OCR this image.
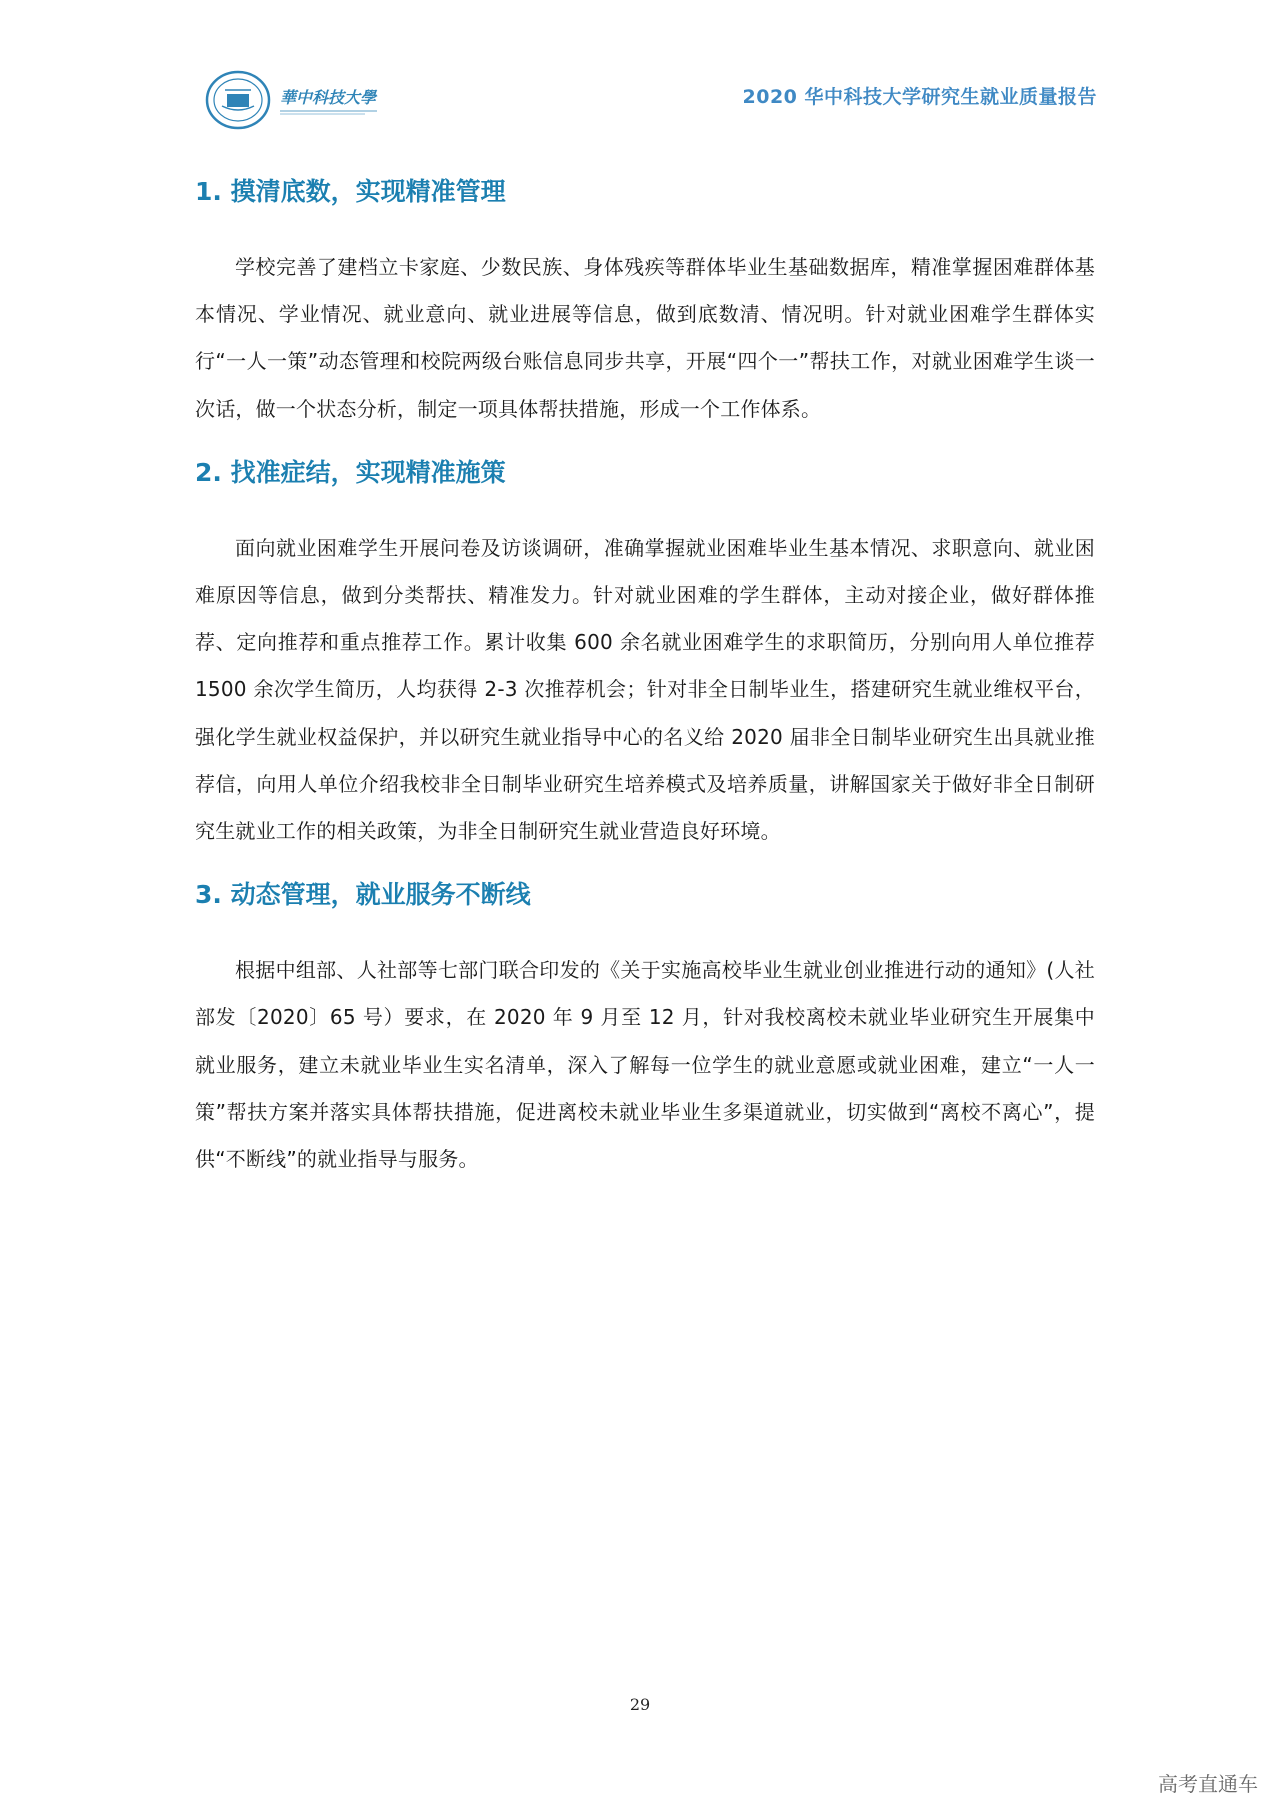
華中科技大學	2020 华中科技大学研究生就业质量报告
1. 摸清底数，实现精准管理

学校完善了建档立卡家庭、少数民族、身体残疾等群体毕业生基础数据库，精准掌握困难群体基本情况、学业情况、就业意向、就业进展等信息，做到底数清、情况明。针对就业困难学生群体实行“一人一策”动态管理和校院两级台账信息同步共享，开展“四个一”帮扶工作，对就业困难学生谈一次话，做一个状态分析，制定一项具体帮扶措施，形成一个工作体系。

2. 找准症结，实现精准施策

面向就业困难学生开展问卷及访谈调研，准确掌握就业困难毕业生基本情况、求职意向、就业困难原因等信息，做到分类帮扶、精准发力。针对就业困难的学生群体，主动对接企业，做好群体推荐、定向推荐和重点推荐工作。累计收集 600 余名就业困难学生的求职简历，分别向用人单位推荐 1500 余次学生简历，人均获得 2-3 次推荐机会；针对非全日制毕业生，搭建研究生就业维权平台，强化学生就业权益保护，并以研究生就业指导中心的名义给 2020 届非全日制毕业研究生出具就业推荐信，向用人单位介绍我校非全日制毕业研究生培养模式及培养质量，讲解国家关于做好非全日制研究生就业工作的相关政策，为非全日制研究生就业营造良好环境。

3. 动态管理，就业服务不断线

根据中组部、人社部等七部门联合印发的《关于实施高校毕业生就业创业推进行动的通知》(人社部发〔2020〕65 号）要求，在 2020 年 9 月至 12 月，针对我校离校未就业毕业研究生开展集中就业服务，建立未就业毕业生实名清单，深入了解每一位学生的就业意愿或就业困难，建立“一人一策”帮扶方案并落实具体帮扶措施，促进离校未就业毕业生多渠道就业，切实做到“离校不离心”，提供“不断线”的就业指导与服务。

29
高考直通车
